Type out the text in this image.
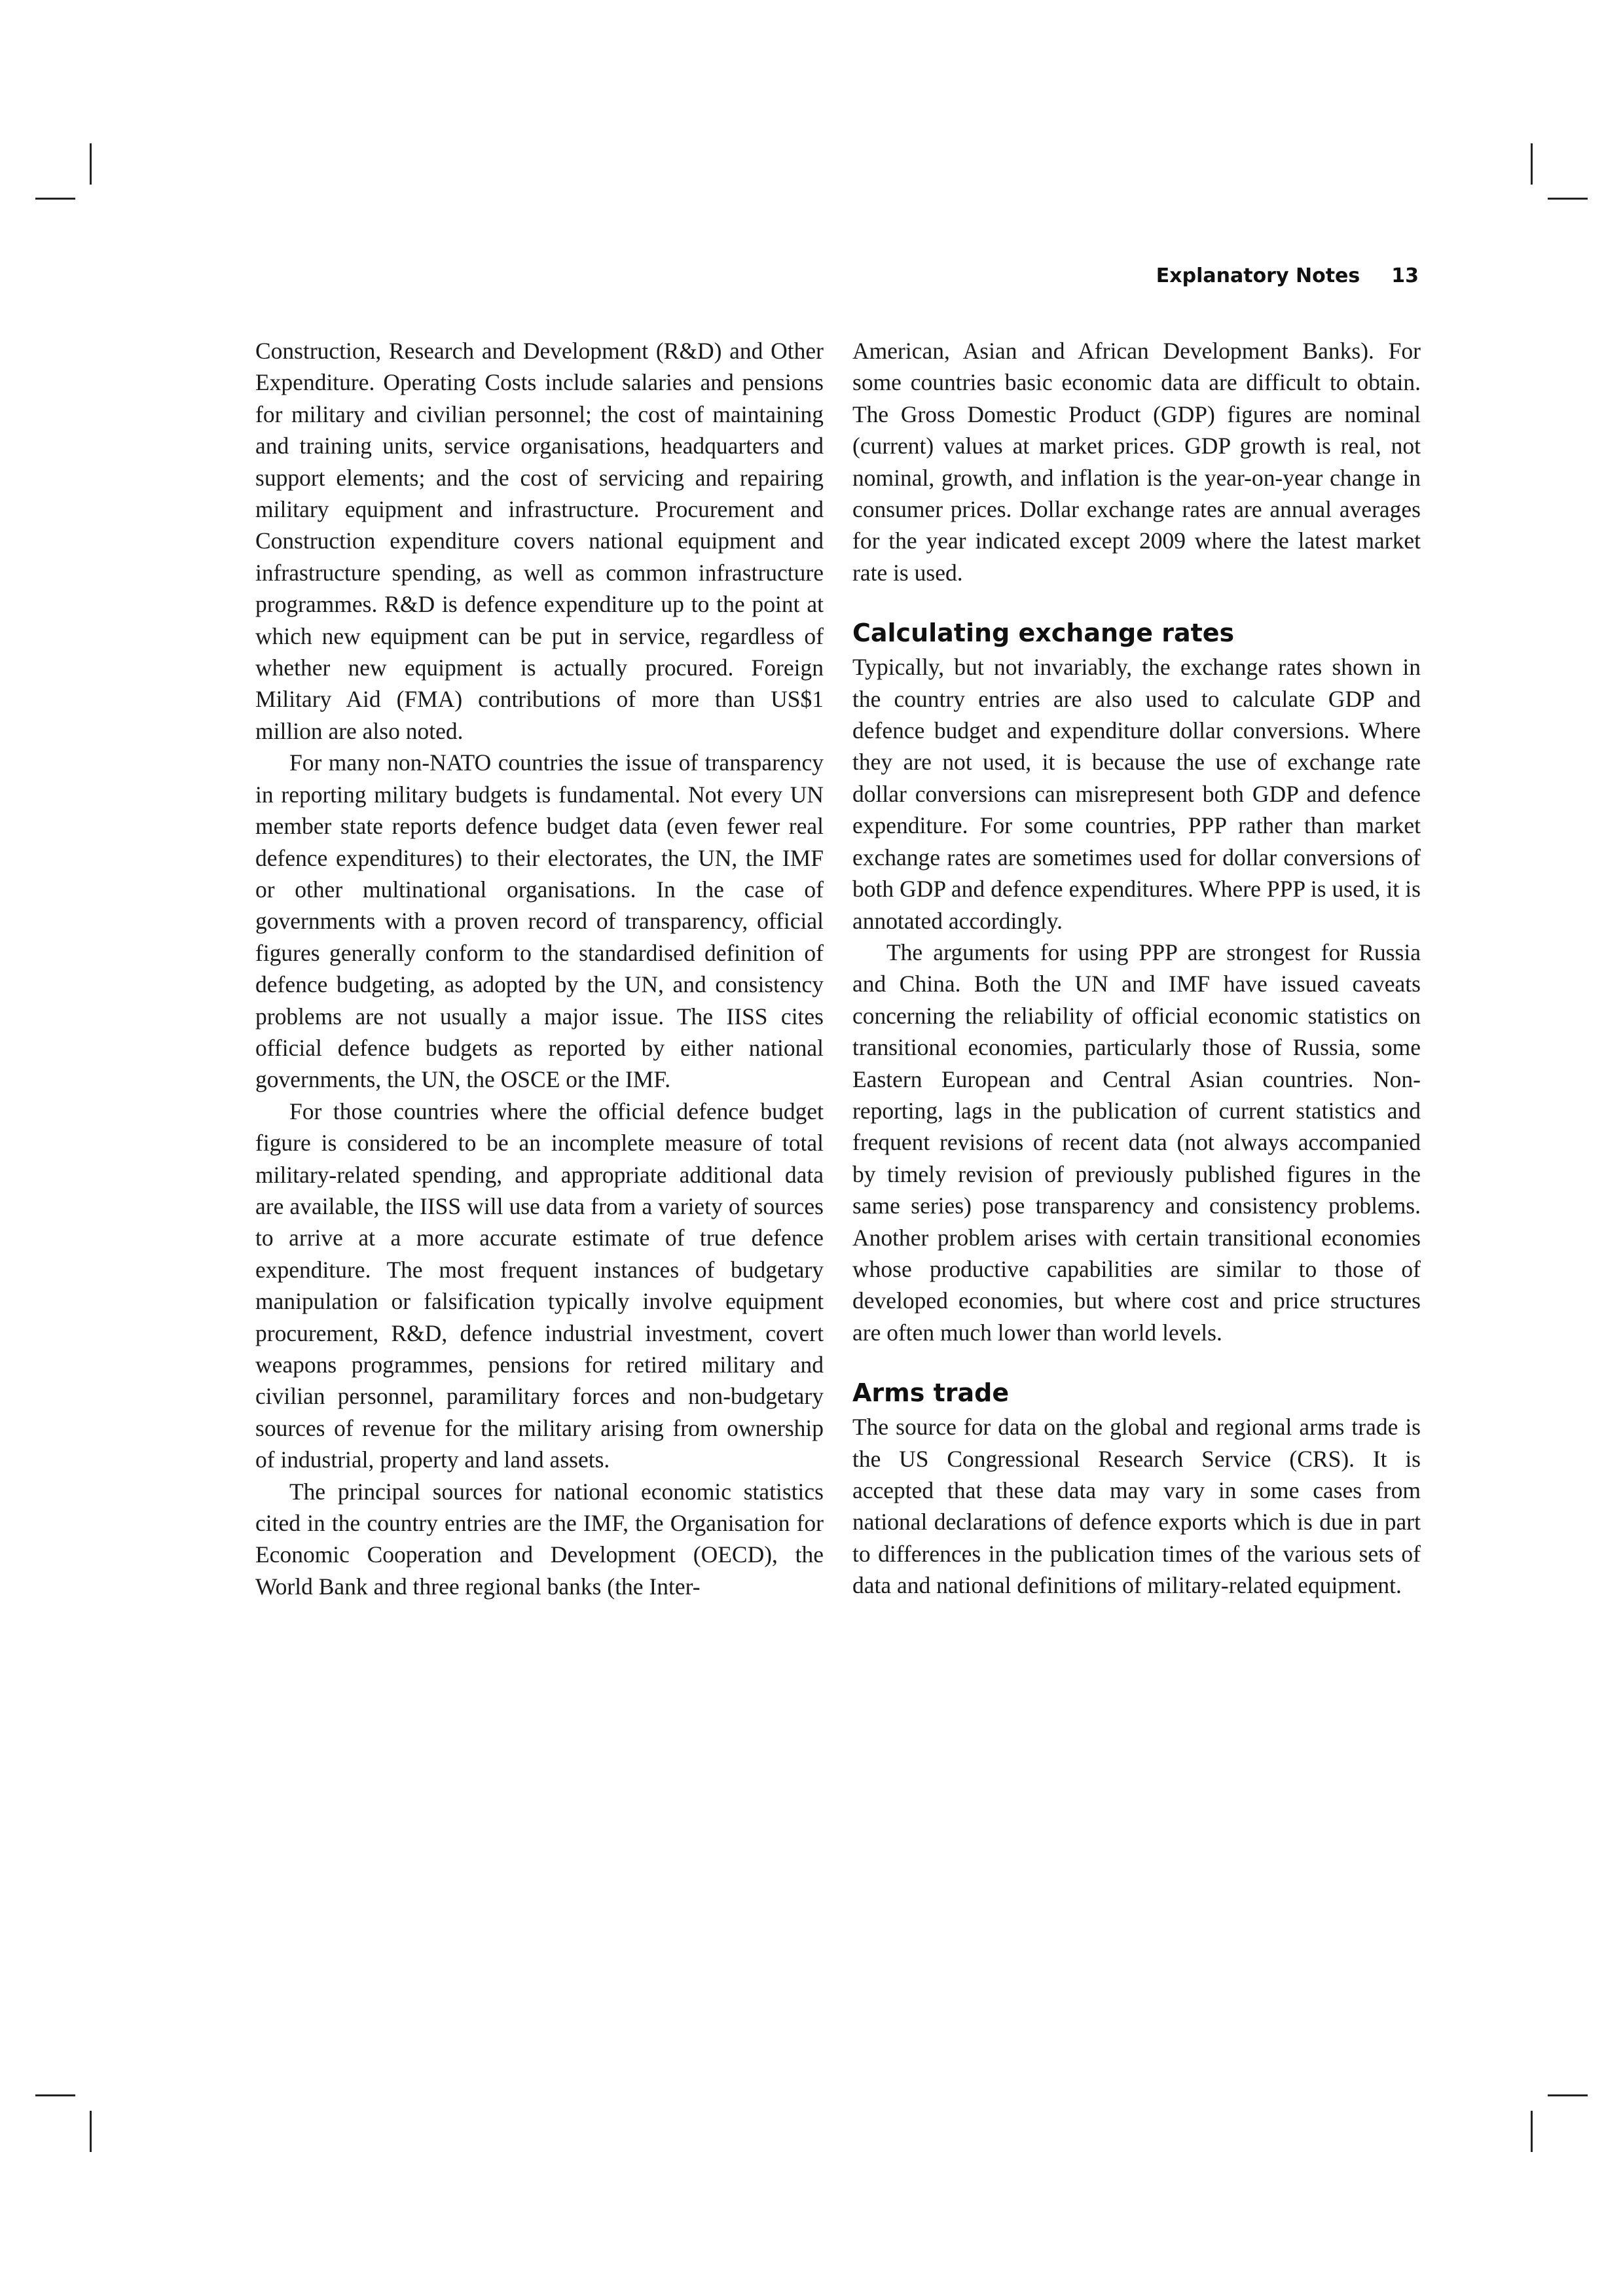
Explanatory Notes 13

Construction, Research and Development (R&D) and Other Expenditure. Operating Costs include salaries and pensions for military and civilian personnel; the cost of maintaining and training units, service organisations, headquarters and support elements; and the cost of servicing and repairing military equipment and infrastructure. Procurement and Construction expenditure covers national equipment and infrastructure spending, as well as common infrastructure programmes. R&D is defence expenditure up to the point at which new equipment can be put in service, regardless of whether new equipment is actually procured. Foreign Military Aid (FMA) contributions of more than US$1 million are also noted.

For many non-NATO countries the issue of transparency in reporting military budgets is fundamental. Not every UN member state reports defence budget data (even fewer real defence expenditures) to their electorates, the UN, the IMF or other multinational organisations. In the case of governments with a proven record of transparency, official figures generally conform to the standardised definition of defence budgeting, as adopted by the UN, and consistency problems are not usually a major issue. The IISS cites official defence budgets as reported by either national governments, the UN, the OSCE or the IMF.

For those countries where the official defence budget figure is considered to be an incomplete measure of total military-related spending, and appropriate additional data are available, the IISS will use data from a variety of sources to arrive at a more accurate estimate of true defence expenditure. The most frequent instances of budgetary manipulation or falsification typically involve equipment procurement, R&D, defence industrial investment, covert weapons programmes, pensions for retired military and civilian personnel, paramilitary forces and non-budgetary sources of revenue for the military arising from ownership of industrial, property and land assets.

The principal sources for national economic statistics cited in the country entries are the IMF, the Organisation for Economic Cooperation and Development (OECD), the World Bank and three regional banks (the Inter-

American, Asian and African Development Banks). For some countries basic economic data are difficult to obtain. The Gross Domestic Product (GDP) figures are nominal (current) values at market prices. GDP growth is real, not nominal, growth, and inflation is the year-on-year change in consumer prices. Dollar exchange rates are annual averages for the year indicated except 2009 where the latest market rate is used.

Calculating exchange rates

Typically, but not invariably, the exchange rates shown in the country entries are also used to calculate GDP and defence budget and expenditure dollar conversions. Where they are not used, it is because the use of exchange rate dollar conversions can misrepresent both GDP and defence expenditure. For some countries, PPP rather than market exchange rates are sometimes used for dollar conversions of both GDP and defence expenditures. Where PPP is used, it is annotated accordingly.

The arguments for using PPP are strongest for Russia and China. Both the UN and IMF have issued caveats concerning the reliability of official economic statistics on transitional economies, particularly those of Russia, some Eastern European and Central Asian countries. Non-reporting, lags in the publication of current statistics and frequent revisions of recent data (not always accompanied by timely revision of previously published figures in the same series) pose transparency and consistency problems. Another problem arises with certain transitional economies whose productive capabilities are similar to those of developed economies, but where cost and price structures are often much lower than world levels.

Arms trade

The source for data on the global and regional arms trade is the US Congressional Research Service (CRS). It is accepted that these data may vary in some cases from national declarations of defence exports which is due in part to differences in the publication times of the various sets of data and national definitions of military-related equipment.
